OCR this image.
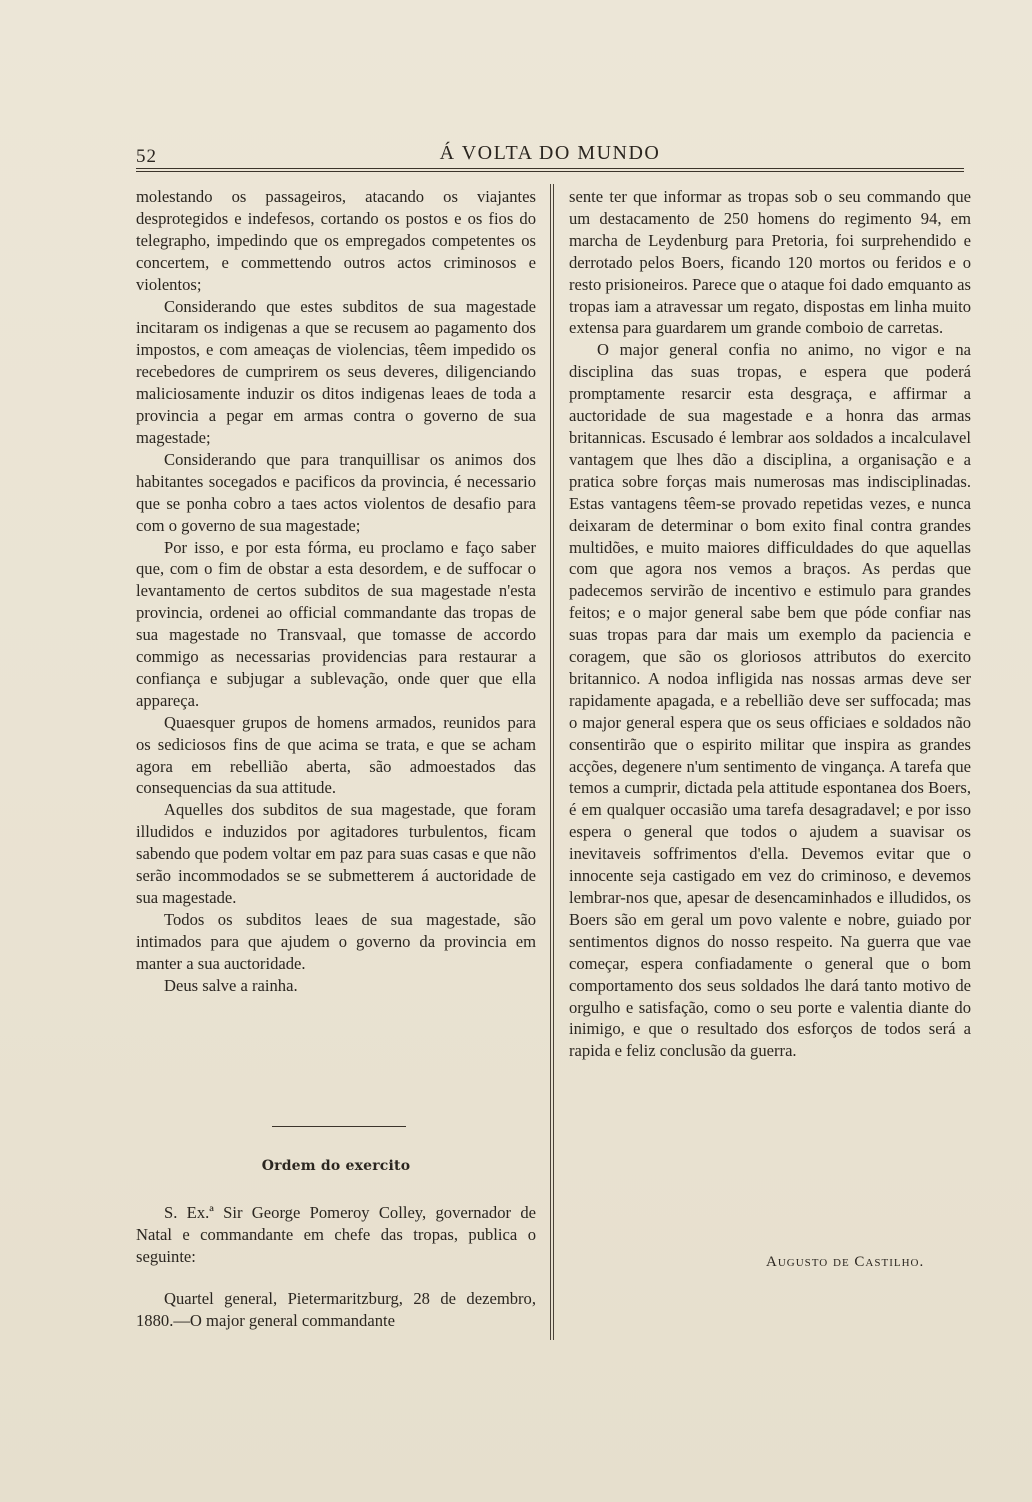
52	Á VOLTA DO MUNDO

molestando os passageiros, atacando os viajantes desprotegidos e indefesos, cortando os postos e os fios do telegrapho, impedindo que os empregados competentes os concertem, e commettendo outros actos criminosos e violentos;

Considerando que estes subditos de sua magestade incitaram os indigenas a que se recusem ao pagamento dos impostos, e com ameaças de violencias, têem impedido os recebedores de cumprirem os seus deveres, diligenciando maliciosamente induzir os ditos indigenas leaes de toda a provincia a pegar em armas contra o governo de sua magestade;

Considerando que para tranquillisar os animos dos habitantes socegados e pacificos da provincia, é necessario que se ponha cobro a taes actos violentos de desafio para com o governo de sua magestade;

Por isso, e por esta fórma, eu proclamo e faço saber que, com o fim de obstar a esta desordem, e de suffocar o levantamento de certos subditos de sua magestade n'esta provincia, ordenei ao official commandante das tropas de sua magestade no Transvaal, que tomasse de accordo commigo as necessarias providencias para restaurar a confiança e subjugar a sublevação, onde quer que ella appareça.

Quaesquer grupos de homens armados, reunidos para os sediciosos fins de que acima se trata, e que se acham agora em rebellião aberta, são admoestados das consequencias da sua attitude.

Aquelles dos subditos de sua magestade, que foram illudidos e induzidos por agitadores turbulentos, ficam sabendo que podem voltar em paz para suas casas e que não serão incommodados se se submetterem á auctoridade de sua magestade.

Todos os subditos leaes de sua magestade, são intimados para que ajudem o governo da provincia em manter a sua auctoridade.

Deus salve a rainha.

Ordem do exercito

S. Ex.ª Sir George Pomeroy Colley, governador de Natal e commandante em chefe das tropas, publica o seguinte:

Quartel general, Pietermaritzburg, 28 de dezembro, 1880.—O major general commandante

sente ter que informar as tropas sob o seu commando que um destacamento de 250 homens do regimento 94, em marcha de Leydenburg para Pretoria, foi surprehendido e derrotado pelos Boers, ficando 120 mortos ou feridos e o resto prisioneiros. Parece que o ataque foi dado emquanto as tropas iam a atravessar um regato, dispostas em linha muito extensa para guardarem um grande comboio de carretas.

O major general confia no animo, no vigor e na disciplina das suas tropas, e espera que poderá promptamente resarcir esta desgraça, e affirmar a auctoridade de sua magestade e a honra das armas britannicas. Escusado é lembrar aos soldados a incalculavel vantagem que lhes dão a disciplina, a organisação e a pratica sobre forças mais numerosas mas indisciplinadas. Estas vantagens têem-se provado repetidas vezes, e nunca deixaram de determinar o bom exito final contra grandes multidões, e muito maiores difficuldades do que aquellas com que agora nos vemos a braços. As perdas que padecemos servirão de incentivo e estimulo para grandes feitos; e o major general sabe bem que póde confiar nas suas tropas para dar mais um exemplo da paciencia e coragem, que são os gloriosos attributos do exercito britannico. A nodoa infligida nas nossas armas deve ser rapidamente apagada, e a rebellião deve ser suffocada; mas o major general espera que os seus officiaes e soldados não consentirão que o espirito militar que inspira as grandes acções, degenere n'um sentimento de vingança. A tarefa que temos a cumprir, dictada pela attitude espontanea dos Boers, é em qualquer occasião uma tarefa desagradavel; e por isso espera o general que todos o ajudem a suavisar os inevitaveis soffrimentos d'ella. Devemos evitar que o innocente seja castigado em vez do criminoso, e devemos lembrar-nos que, apesar de desencaminhados e illudidos, os Boers são em geral um povo valente e nobre, guiado por sentimentos dignos do nosso respeito. Na guerra que vae começar, espera confiadamente o general que o bom comportamento dos seus soldados lhe dará tanto motivo de orgulho e satisfação, como o seu porte e valentia diante do inimigo, e que o resultado dos esforços de todos será a rapida e feliz conclusão da guerra.

Augusto de Castilho.
